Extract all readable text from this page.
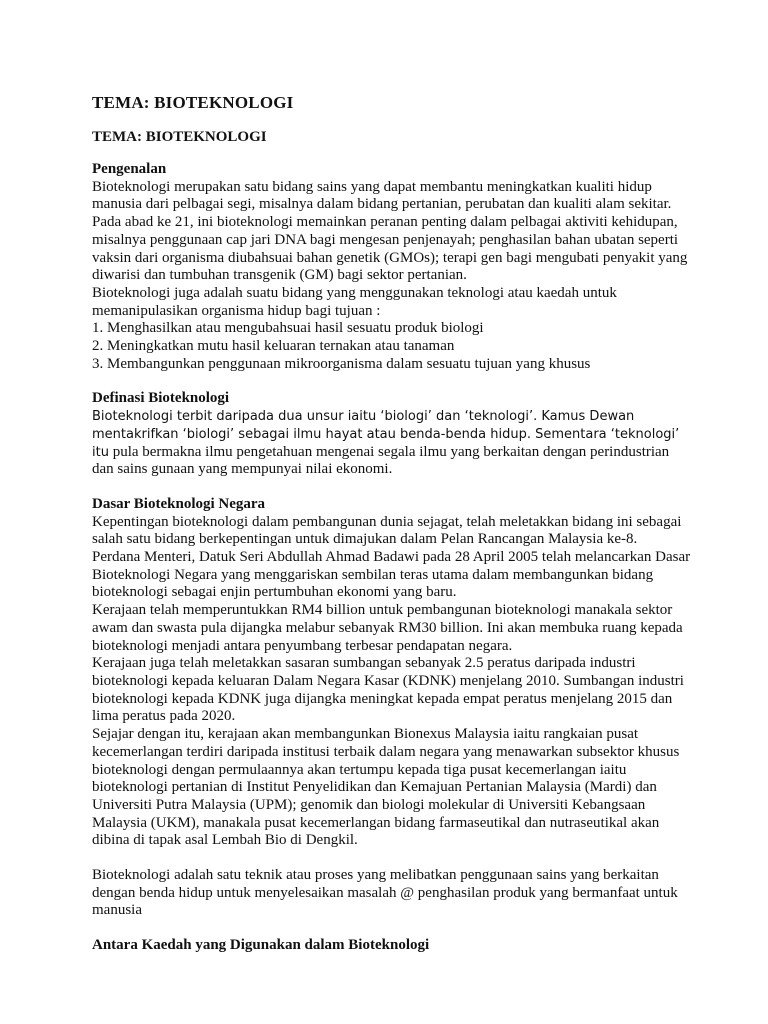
TEMA: BIOTEKNOLOGI
TEMA: BIOTEKNOLOGI
Pengenalan

Bioteknologi merupakan satu bidang sains yang dapat membantu meningkatkan kualiti hidup manusia dari pelbagai segi, misalnya dalam bidang pertanian, perubatan dan kualiti alam sekitar. Pada abad ke 21, ini bioteknologi memainkan peranan penting dalam pelbagai aktiviti kehidupan, misalnya penggunaan cap jari DNA bagi mengesan penjenayah; penghasilan bahan ubatan seperti vaksin dari organisma diubahsuai bahan genetik (GMOs); terapi gen bagi mengubati penyakit yang diwarisi dan tumbuhan transgenik (GM) bagi sektor pertanian.

Bioteknologi juga adalah suatu bidang yang menggunakan teknologi atau kaedah untuk memanipulasikan organisma hidup bagi tujuan :

1. Menghasilkan atau mengubahsuai hasil sesuatu produk biologi

2. Meningkatkan mutu hasil keluaran ternakan atau tanaman

3. Membangunkan penggunaan mikroorganisma dalam sesuatu tujuan yang khusus

Definasi Bioteknologi

Bioteknologi terbit daripada dua unsur iaitu ‘biologi’ dan ‘teknologi’. Kamus Dewan mentakrifkan ‘biologi’ sebagai ilmu hayat atau benda-benda hidup. Sementara ‘teknologi’ itu pula bermakna ilmu pengetahuan mengenai segala ilmu yang berkaitan dengan perindustrian dan sains gunaan yang mempunyai nilai ekonomi.

Dasar Bioteknologi Negara

Kepentingan bioteknologi dalam pembangunan dunia sejagat, telah meletakkan bidang ini sebagai salah satu bidang berkepentingan untuk dimajukan dalam Pelan Rancangan Malaysia ke-8.

Perdana Menteri, Datuk Seri Abdullah Ahmad Badawi pada 28 April 2005 telah melancarkan Dasar Bioteknologi Negara yang menggariskan sembilan teras utama dalam membangunkan bidang bioteknologi sebagai enjin pertumbuhan ekonomi yang baru.

Kerajaan telah memperuntukkan RM4 billion untuk pembangunan bioteknologi manakala sektor awam dan swasta pula dijangka melabur sebanyak RM30 billion. Ini akan membuka ruang kepada bioteknologi menjadi antara penyumbang terbesar pendapatan negara.

Kerajaan juga telah meletakkan sasaran sumbangan sebanyak 2.5 peratus daripada industri bioteknologi kepada keluaran Dalam Negara Kasar (KDNK) menjelang 2010. Sumbangan industri bioteknologi kepada KDNK juga dijangka meningkat kepada empat peratus menjelang 2015 dan lima peratus pada 2020.

Sejajar dengan itu, kerajaan akan membangunkan Bionexus Malaysia iaitu rangkaian pusat kecemerlangan terdiri daripada institusi terbaik dalam negara yang menawarkan subsektor khusus bioteknologi dengan permulaannya akan tertumpu kepada tiga pusat kecemerlangan iaitu bioteknologi pertanian di Institut Penyelidikan dan Kemajuan Pertanian Malaysia (Mardi) dan Universiti Putra Malaysia (UPM); genomik dan biologi molekular di Universiti Kebangsaan Malaysia (UKM), manakala pusat kecemerlangan bidang farmaseutikal dan nutraseutikal akan dibina di tapak asal Lembah Bio di Dengkil.

Bioteknologi adalah satu teknik atau proses yang melibatkan penggunaan sains yang berkaitan dengan benda hidup untuk menyelesaikan masalah @ penghasilan produk yang bermanfaat untuk manusia

Antara Kaedah yang Digunakan dalam Bioteknologi
